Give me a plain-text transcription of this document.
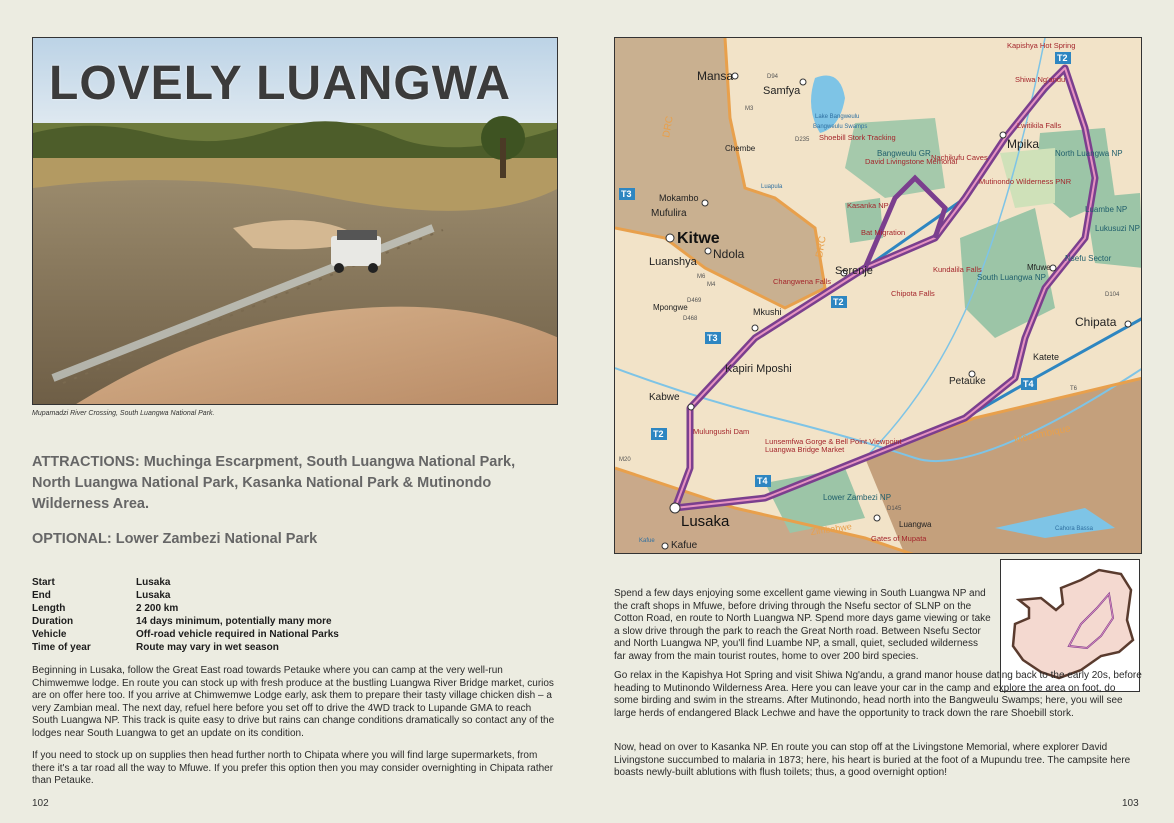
LOVELY LUANGWA
Mupamadzi River Crossing, South Luangwa National Park.
ATTRACTIONS: Muchinga Escarpment, South Luangwa National Park, North Luangwa National Park, Kasanka National Park & Mutinondo Wilderness Area.
OPTIONAL: Lower Zambezi National Park
Start	Lusaka
End	Lusaka
Length	2 200 km
Duration	14 days minimum, potentially many more
Vehicle	Off-road vehicle required in National Parks
Time of year	Route may vary in wet season

Beginning in Lusaka, follow the Great East road towards Petauke where you can camp at the very well-run Chimwemwe lodge. En route you can stock up with fresh produce at the bustling Luangwa River Bridge market, curios are on offer here too. If you arrive at Chimwemwe Lodge early, ask them to prepare their tasty village chicken dish – a very Zambian meal. The next day, refuel here before you set off to drive the 4WD track to Lupande GMA to reach South Luangwa NP. This track is quite easy to drive but rains can change conditions dramatically so contact any of the lodges near South Luangwa to get an update on its condition.

If you need to stock up on supplies then head further north to Chipata where you will find large supermarkets, from there it's a tar road all the way to Mfuwe. If you prefer this option then you may consider overnighting in Chipata rather than Petauke.

102
Mansa
Samfya
Chembe
Mokambo
Mufulira
Kitwe
Ndola
Luanshya
Mpongwe
Serenje
Mkushi
Kapiri Mposhi
Kabwe
Lusaka
Kafue
Mpika
Mfuwe
Chipata
Katete
Petauke
Luangwa
Kapishya Hot Spring
Shiwa Ng'andu
Lwitikila Falls
Shoebill Stork Tracking
David Livingstone Memorial
Nachikufu Caves
Mutinondo Wilderness PNR
Kasanka NP
Bat Migration
Changwena Falls
Kundalila Falls
Chipota Falls
Mulungushi Dam
Lunsemfwa Gorge & Bell Point Viewpoint
Luangwa Bridge Market
Gates of Mupata
Bangweulu GR	North Luangwa NP
Luambe NP
Lukusuzi NP
South Luangwa NP
Nsefu Sector
Lower Zambezi NP
DRC
DRC
Mozambique
Zimbabwe
Lake Bangweulu
Bangweulu Swamps
Cahora Bassa
Luapula
Kafue
T2
T2
T2
T3
T3
T4
T4
T6
M3
M4
M6
M20
D94
D235
D104
D145
D469
D468

Spend a few days enjoying some excellent game viewing in South Luangwa NP and the craft shops in Mfuwe, before driving through the Nsefu sector of SLNP on the Cotton Road, en route to North Luangwa NP. Spend more days game viewing or take a slow drive through the park to reach the Great North road. Between Nsefu Sector and North Luangwa NP, you'll find Luambe NP, a small, quiet, secluded wilderness far away from the main tourist routes, home to over 200 bird species.

Go relax in the Kapishya Hot Spring and visit Shiwa Ng'andu, a grand manor house dating back to the early 20s, before heading to Mutinondo Wilderness Area. Here you can leave your car in the camp and explore the area on foot, do some birding and swim in the streams. After Mutinondo, head north into the Bangweulu Swamps; here, you will see large herds of endangered Black Lechwe and have the opportunity to track down the rare Shoebill stork.

Now, head on over to Kasanka NP. En route you can stop off at the Livingstone Memorial, where explorer David Livingstone succumbed to malaria in 1873; here, his heart is buried at the foot of a Mupundu tree. The campsite here boasts newly-built ablutions with flush toilets; thus, a good overnight option!

103
